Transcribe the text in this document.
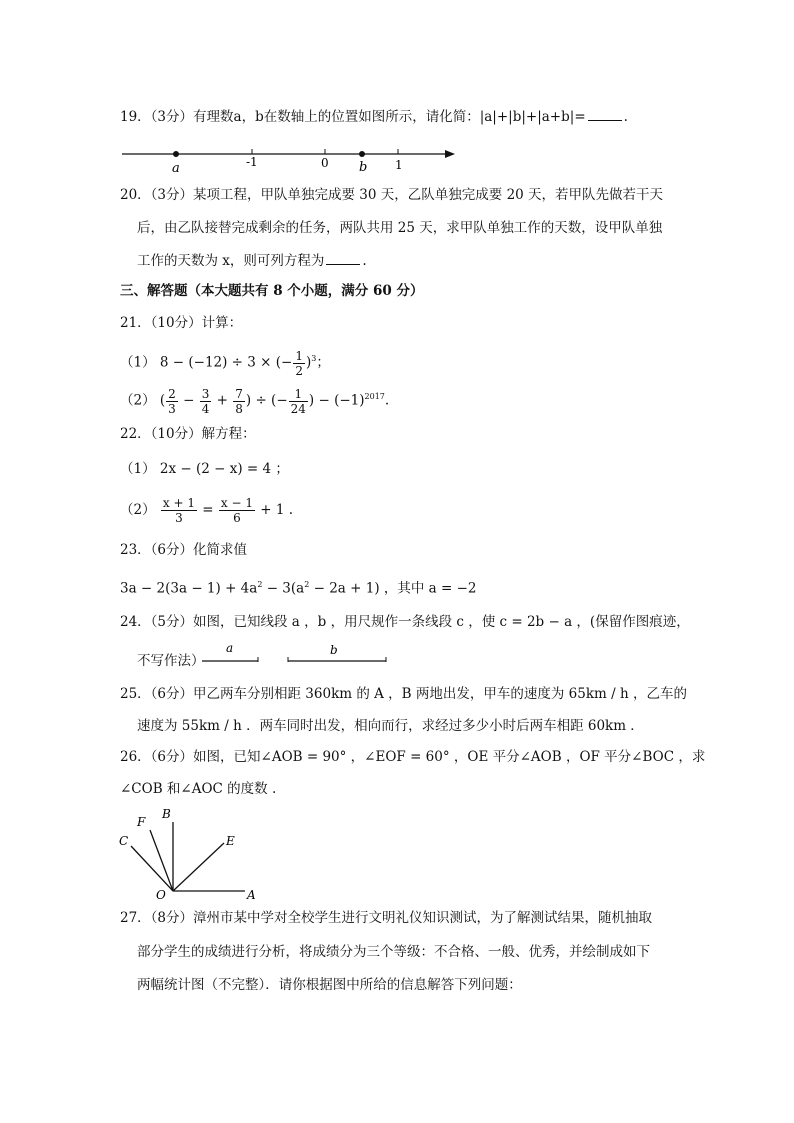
19．（3分）有理数a，b在数轴上的位置如图所示，请化简：|a|+|b|+|a+b|=	.
a	-1	0 b 1
20．（3分）某项工程，甲队单独完成要 30 天，乙队单独完成要 20 天，若甲队先做若干天
后，由乙队接替完成剩余的任务，两队共用 25 天，求甲队单独工作的天数，设甲队单独
工作的天数为 x，则可列方程为	.
三、解答题（本大题共有 8 个小题，满分 60 分）
21．（10分）计算：
（1） 8 − (−12) ÷ 3 × (− $\frac{1}{2} )^3$；
（2） ( $\frac{2}{3} - \frac{3}{4} + \frac{7}{8}$ ) ÷ (− $\frac{1}{24}$ ) − $(-1)^{2017}$.
22．（10分）解方程：
（1） 2x − (2 − x) = 4 ；
$(2) \frac{x + 1}{3} = \frac{x - 1}{6} + 1$ .
23．（6分）化简求值
$3a - 2(3a - 1) + 4a^2 - 3(a^2 - 2a + 1)$ ，其中 a = −2
24．（5分）如图，已知线段 a ，b ，用尺规作一条线段 c ，使 c = 2b − a ，(保留作图痕迹，
不写作法）
a	b
25．（6分）甲乙两车分别相距 360km 的 A ，B 两地出发，甲车的速度为 65km / h ，乙车的
速度为 55km / h ．两车同时出发，相向而行，求经过多少小时后两车相距 60km ．
26．（6分）如图，已知∠AOB = 90° ，∠EOF = 60° ，OE 平分∠AOB ，OF 平分∠BOC ，求
∠COB 和∠AOC 的度数 .
F
B
C	E
O	A
27．（8分）漳州市某中学对全校学生进行文明礼仪知识测试，为了解测试结果，随机抽取
部分学生的成绩进行分析，将成绩分为三个等级：不合格、一般、优秀，并绘制成如下
两幅统计图（不完整）．请你根据图中所给的信息解答下列问题：
